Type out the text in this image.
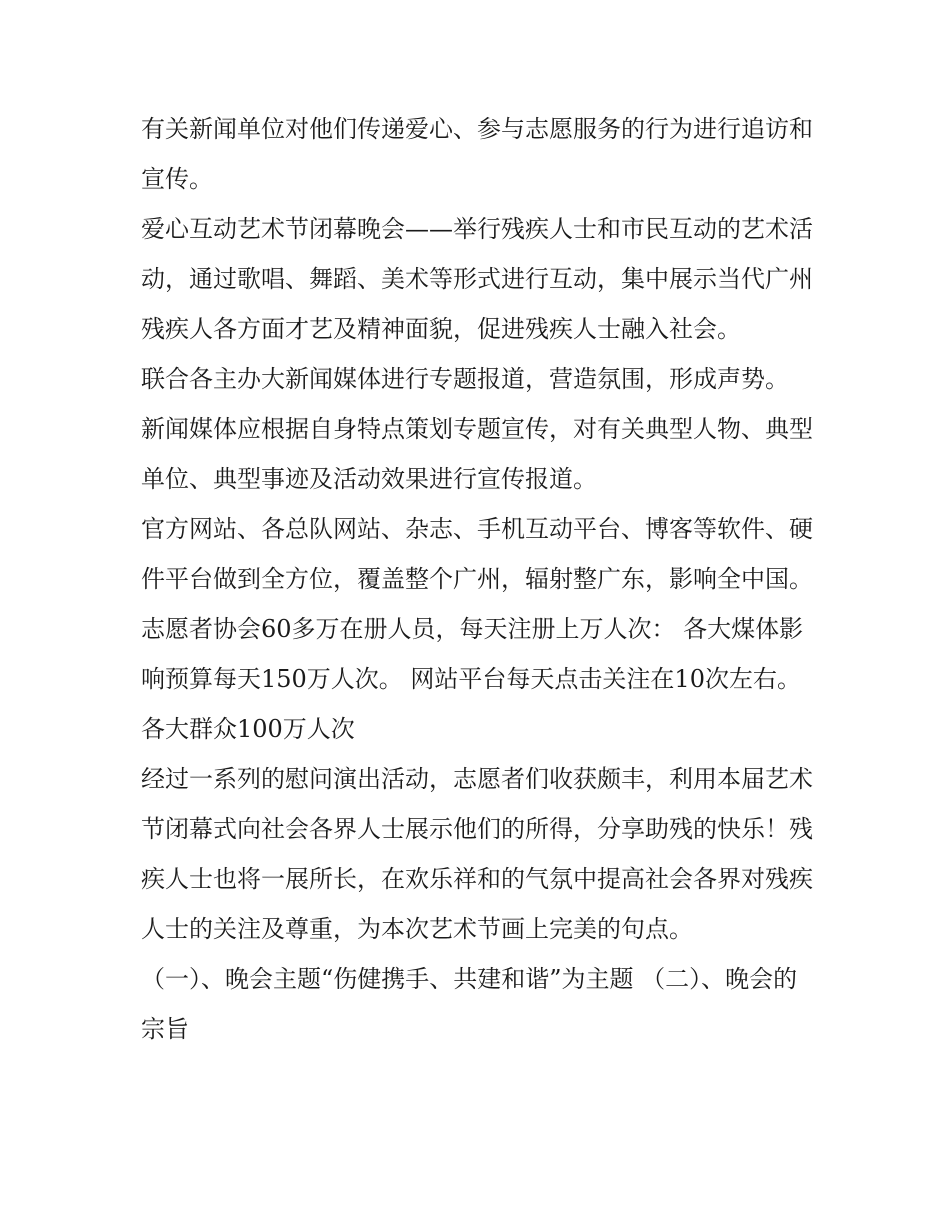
有关新闻单位对他们传递爱心、参与志愿服务的行为进行追访和宣传。

爱心互动艺术节闭幕晚会——举行残疾人士和市民互动的艺术活动，通过歌唱、舞蹈、美术等形式进行互动，集中展示当代广州残疾人各方面才艺及精神面貌，促进残疾人士融入社会。

联合各主办大新闻媒体进行专题报道，营造氛围，形成声势。

新闻媒体应根据自身特点策划专题宣传，对有关典型人物、典型单位、典型事迹及活动效果进行宣传报道。

官方网站、各总队网站、杂志、手机互动平台、博客等软件、硬件平台做到全方位，覆盖整个广州，辐射整广东，影响全中国。

志愿者协会60多万在册人员，每天注册上万人次： 各大煤体影响预算每天150万人次。 网站平台每天点击关注在10次左右。 各大群众100万人次

经过一系列的慰问演出活动，志愿者们收获颇丰，利用本届艺术节闭幕式向社会各界人士展示他们的所得，分享助残的快乐！残疾人士也将一展所长，在欢乐祥和的气氛中提高社会各界对残疾人士的关注及尊重，为本次艺术节画上完美的句点。

（一）、晚会主题“伤健携手、共建和谐”为主题 （二）、晚会的宗旨
